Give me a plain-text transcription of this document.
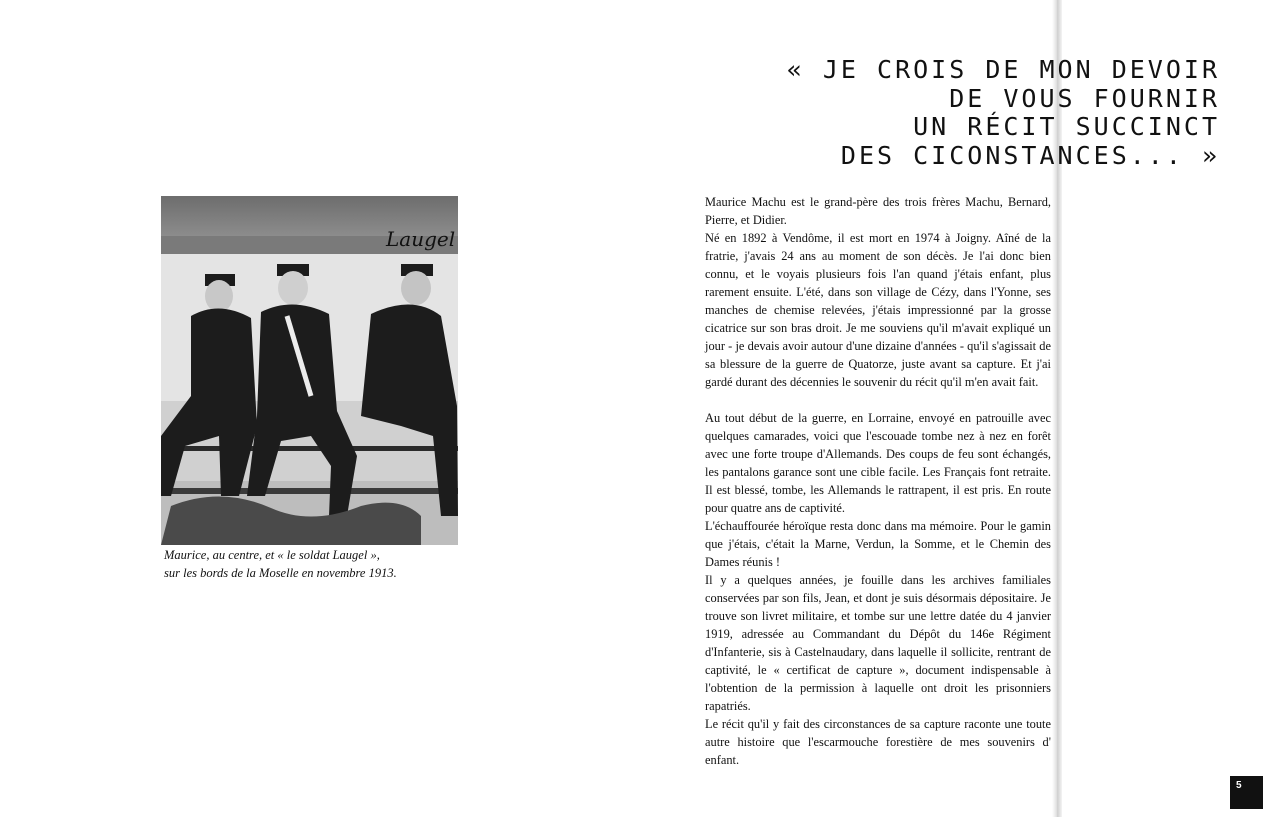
« JE CROIS DE MON DEVOIR
DE VOUS FOURNIR
UN RÉCIT SUCCINCT
DES CICONSTANCES... »
Laugel
Maurice, au centre, et « le soldat Laugel »,
sur les bords de la Moselle en novembre 1913.

Maurice Machu est le grand-père des trois frères Machu, Bernard, Pierre, et Didier.

Né en 1892 à Vendôme, il est mort en 1974 à Joigny. Aîné de la fratrie, j'avais 24 ans au moment de son décès. Je l'ai donc bien connu, et le voyais plusieurs fois l'an quand j'étais enfant, plus rarement ensuite. L'été, dans son village de Cézy, dans l'Yonne, ses manches de chemise relevées, j'étais impressionné par la grosse cicatrice sur son bras droit. Je me souviens qu'il m'avait expliqué un jour - je devais avoir autour d'une dizaine d'années - qu'il s'agissait de sa blessure de la guerre de Quatorze, juste avant sa capture. Et j'ai gardé durant des décennies le souvenir du récit qu'il m'en avait fait.

Au tout début de la guerre, en Lorraine, envoyé en patrouille avec quelques camarades, voici que l'escouade tombe nez à nez en forêt avec une forte troupe d'Allemands. Des coups de feu sont échangés, les pantalons garance sont une cible facile. Les Français font retraite. Il est blessé, tombe, les Allemands le rattrapent, il est pris. En route pour quatre ans de captivité.

L'échauffourée héroïque resta donc dans ma mémoire. Pour le gamin que j'étais, c'était la Marne, Verdun, la Somme, et le Chemin des Dames réunis !

Il y a quelques années, je fouille dans les archives familiales conservées par son fils, Jean, et dont je suis désormais dépositaire. Je trouve son livret militaire, et tombe sur une lettre datée du 4 janvier 1919, adressée au Commandant du Dépôt du 146e Régiment d'Infanterie, sis à Castelnaudary, dans laquelle il sollicite, rentrant de captivité, le « certificat de capture », document indispensable à l'obtention de la permission à laquelle ont droit les prisonniers rapatriés.

Le récit qu'il y fait des circonstances de sa capture raconte une toute autre histoire que l'escarmouche forestière de mes souvenirs d' enfant.

5
